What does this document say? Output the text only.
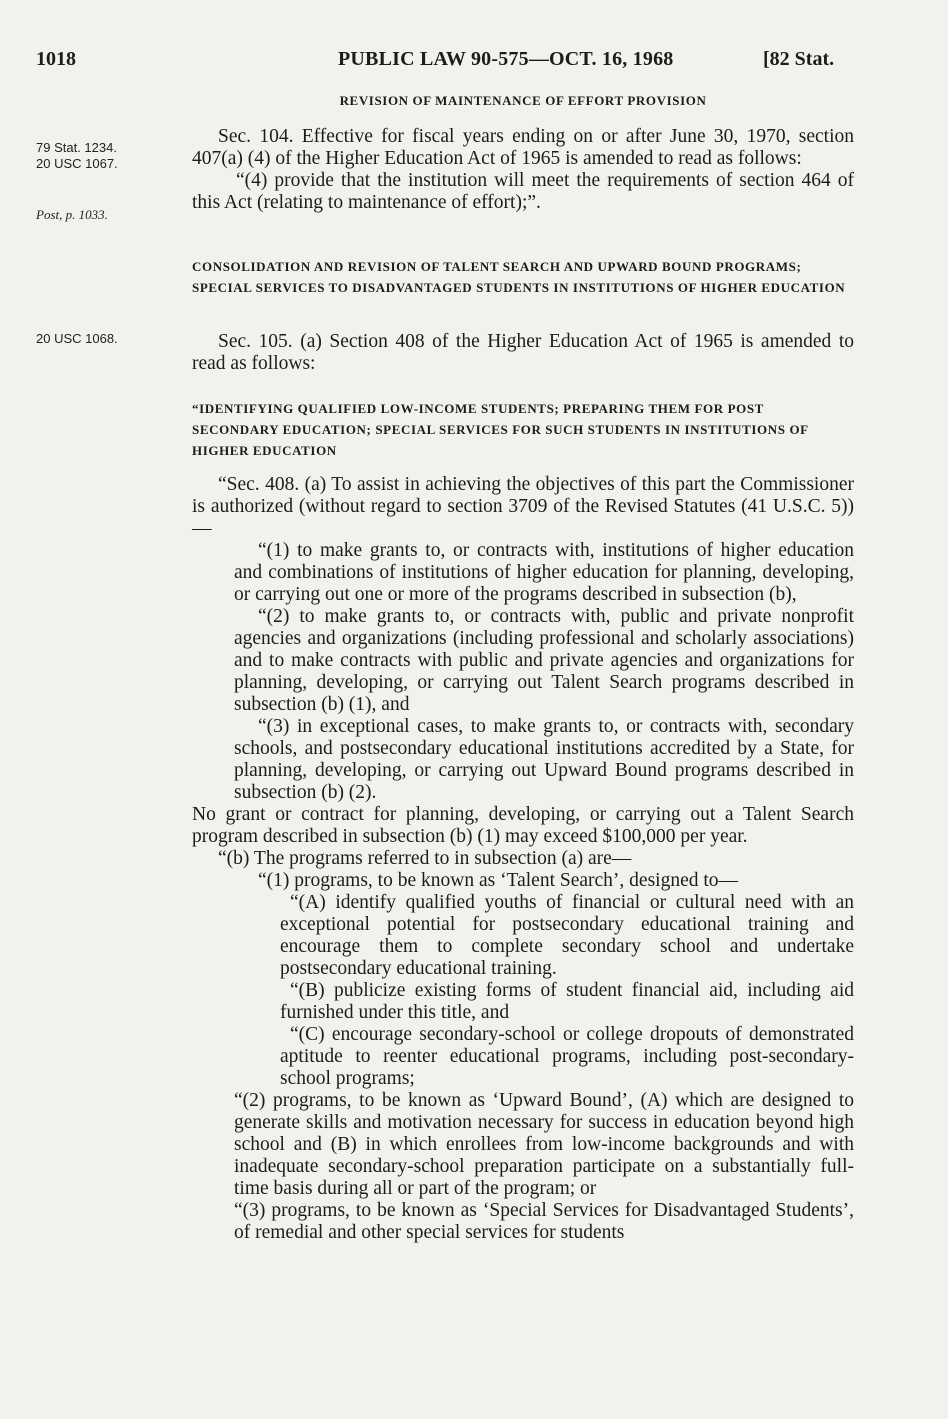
1018	PUBLIC LAW 90-575—OCT. 16, 1968	[82 Stat.
79 Stat. 1234.
20 USC 1067.
Post, p. 1033.
20 USC 1068.
REVISION OF MAINTENANCE OF EFFORT PROVISION

Sec. 104. Effective for fiscal years ending on or after June 30, 1970, section 407(a) (4) of the Higher Education Act of 1965 is amended to read as follows:

“(4) provide that the institution will meet the requirements of section 464 of this Act (relating to maintenance of effort);”.

CONSOLIDATION AND REVISION OF TALENT SEARCH AND UPWARD BOUND PROGRAMS; SPECIAL SERVICES TO DISADVANTAGED STUDENTS IN INSTITUTIONS OF HIGHER EDUCATION

Sec. 105. (a) Section 408 of the Higher Education Act of 1965 is amended to read as follows:

“IDENTIFYING QUALIFIED LOW-INCOME STUDENTS; PREPARING THEM FOR POST SECONDARY EDUCATION; SPECIAL SERVICES FOR SUCH STUDENTS IN INSTITUTIONS OF HIGHER EDUCATION

“Sec. 408. (a) To assist in achieving the objectives of this part the Commissioner is authorized (without regard to section 3709 of the Revised Statutes (41 U.S.C. 5))—

“(1) to make grants to, or contracts with, institutions of higher education and combinations of institutions of higher education for planning, developing, or carrying out one or more of the programs described in subsection (b),

“(2) to make grants to, or contracts with, public and private nonprofit agencies and organizations (including professional and scholarly associations) and to make contracts with public and private agencies and organizations for planning, developing, or carrying out Talent Search programs described in subsection (b) (1), and

“(3) in exceptional cases, to make grants to, or contracts with, secondary schools, and postsecondary educational institutions accredited by a State, for planning, developing, or carrying out Upward Bound programs described in subsection (b) (2).

No grant or contract for planning, developing, or carrying out a Talent Search program described in subsection (b) (1) may exceed $100,000 per year.

“(b) The programs referred to in subsection (a) are—

“(1) programs, to be known as ‘Talent Search’, designed to—

“(A) identify qualified youths of financial or cultural need with an exceptional potential for postsecondary educational training and encourage them to complete secondary school and undertake postsecondary educational training.

“(B) publicize existing forms of student financial aid, including aid furnished under this title, and

“(C) encourage secondary-school or college dropouts of demonstrated aptitude to reenter educational programs, including post-secondary-school programs;

“(2) programs, to be known as ‘Upward Bound’, (A) which are designed to generate skills and motivation necessary for success in education beyond high school and (B) in which enrollees from low-income backgrounds and with inadequate secondary-school preparation participate on a substantially full-time basis during all or part of the program; or

“(3) programs, to be known as ‘Special Services for Disadvantaged Students’, of remedial and other special services for students
